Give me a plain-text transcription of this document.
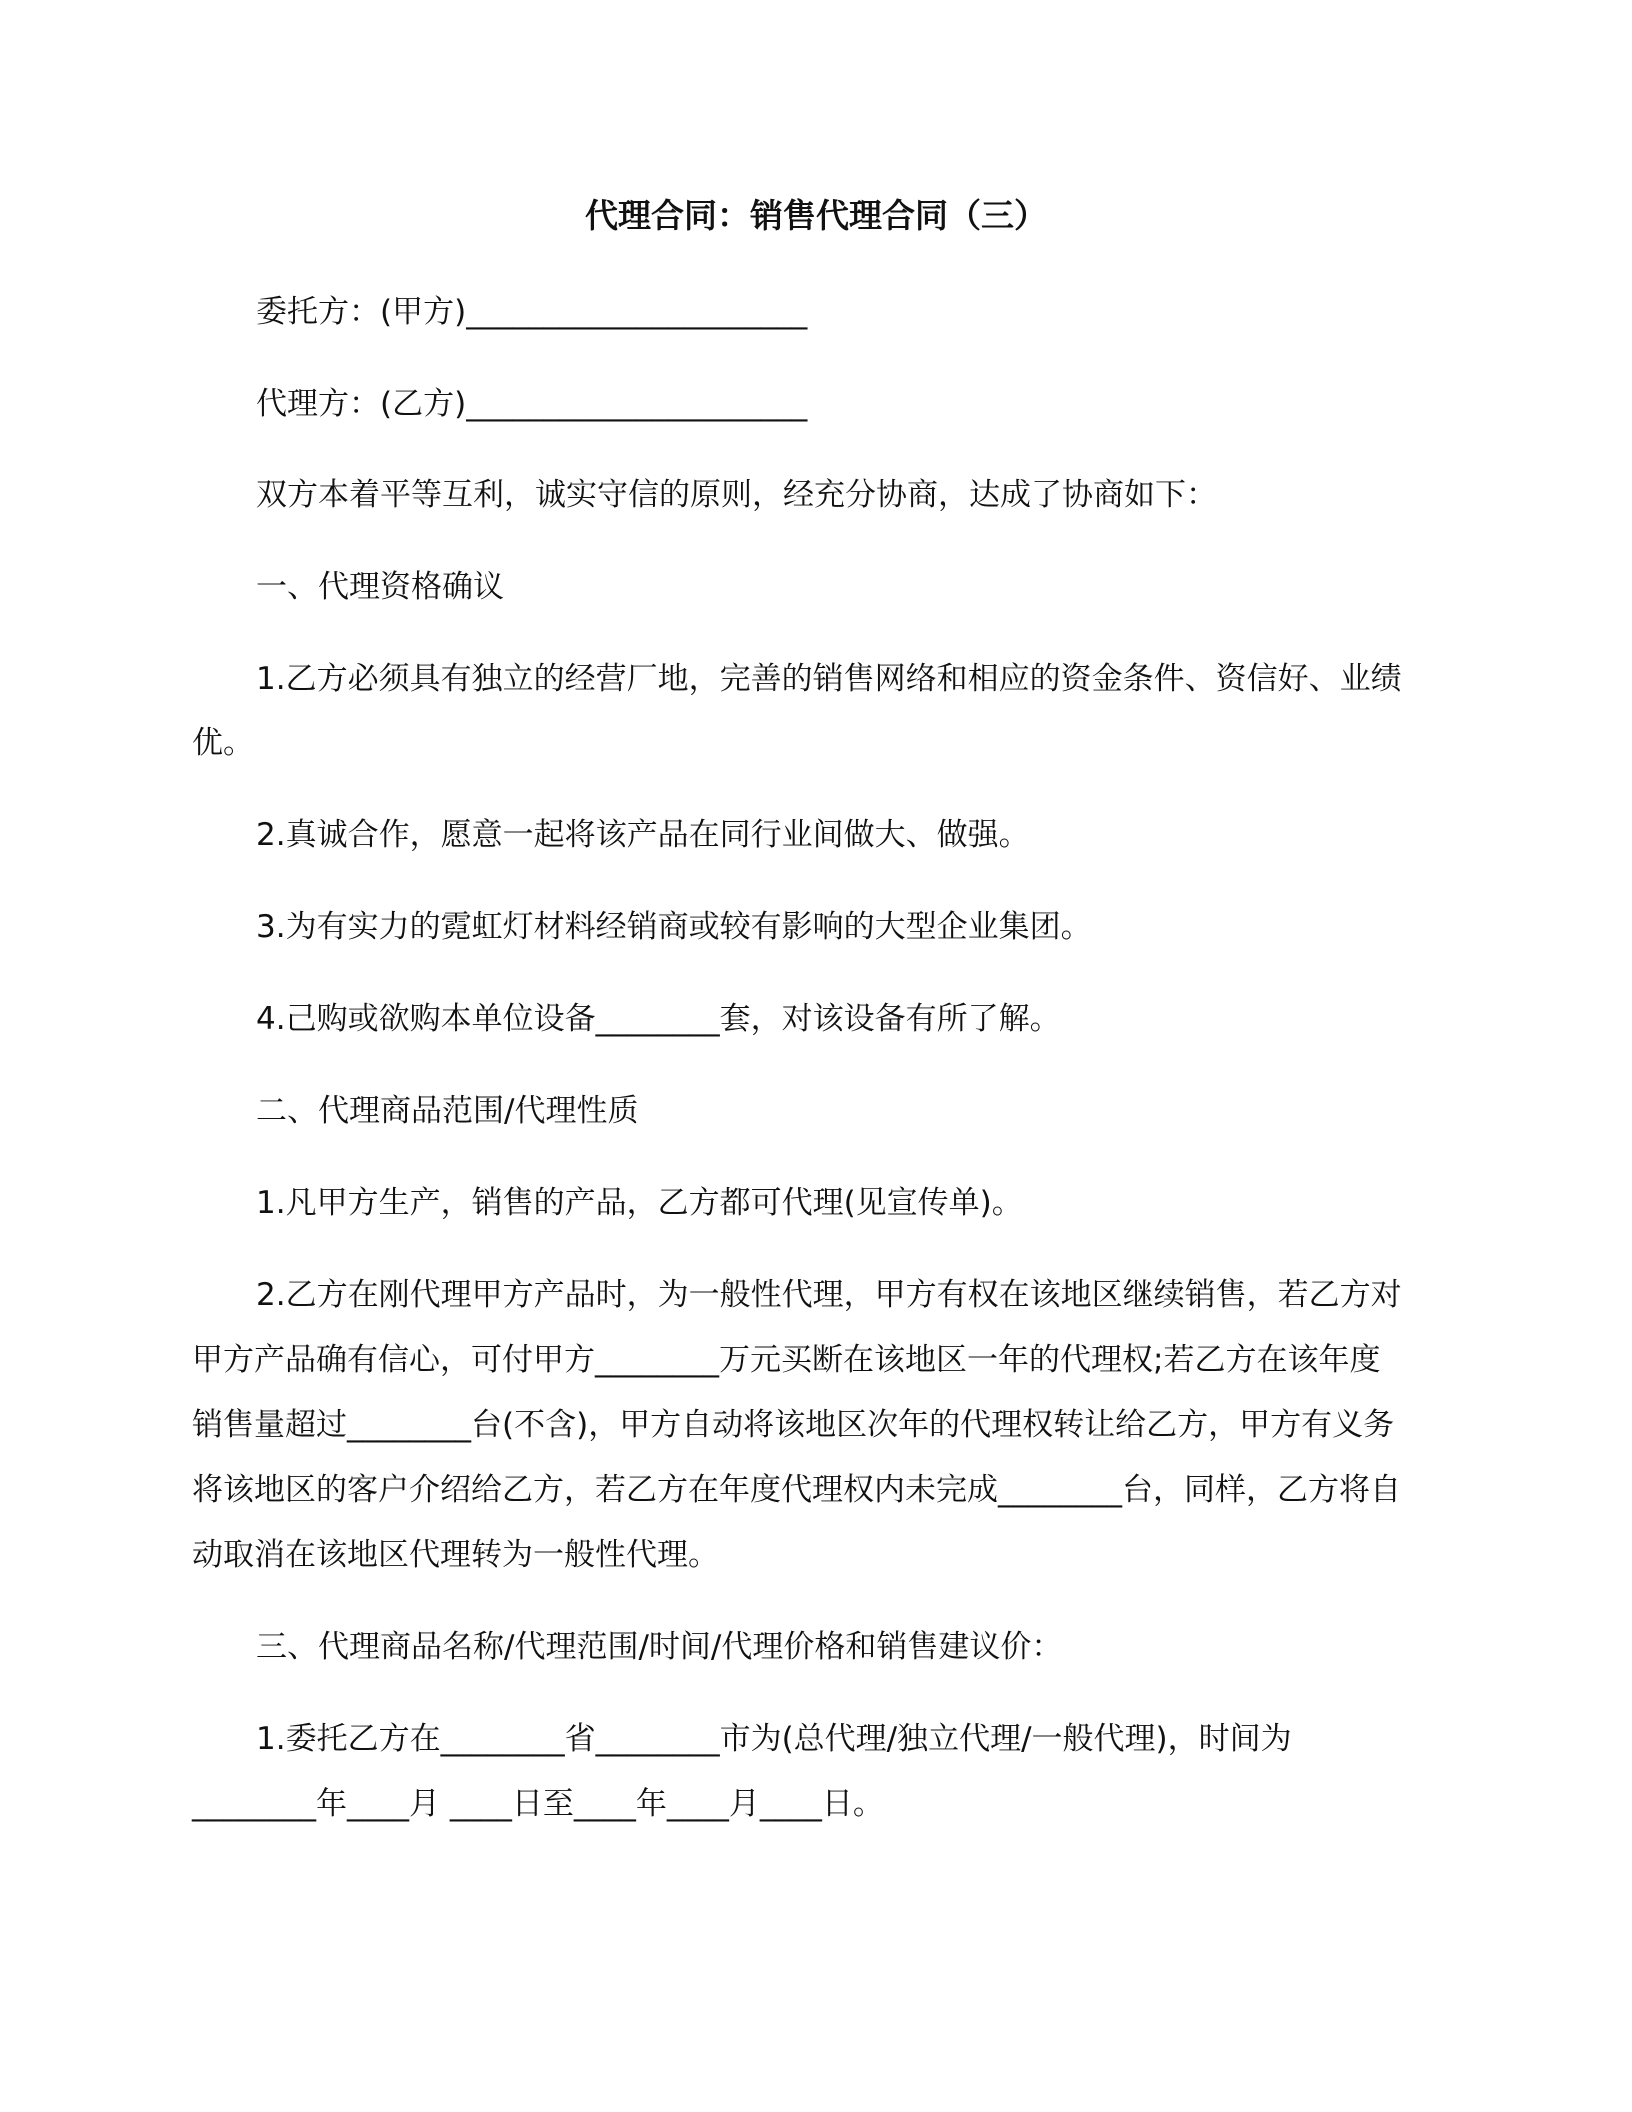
代理合同：销售代理合同（三）
委托方：(甲方)______________________
代理方：(乙方)______________________
双方本着平等互利，诚实守信的原则，经充分协商，达成了协商如下：
一、代理资格确议
1.乙方必须具有独立的经营厂地，完善的销售网络和相应的资金条件、资信好、业绩
优。
2.真诚合作，愿意一起将该产品在同行业间做大、做强。
3.为有实力的霓虹灯材料经销商或较有影响的大型企业集团。
4.己购或欲购本单位设备________套，对该设备有所了解。
二、代理商品范围/代理性质
1.凡甲方生产，销售的产品，乙方都可代理(见宣传单)。
2.乙方在刚代理甲方产品时，为一般性代理，甲方有权在该地区继续销售，若乙方对
甲方产品确有信心，可付甲方________万元买断在该地区一年的代理权;若乙方在该年度
销售量超过________台(不含)，甲方自动将该地区次年的代理权转让给乙方，甲方有义务
将该地区的客户介绍给乙方，若乙方在年度代理权内未完成________台，同样，乙方将自
动取消在该地区代理转为一般性代理。
三、代理商品名称/代理范围/时间/代理价格和销售建议价：
1.委托乙方在________省________市为(总代理/独立代理/一般代理)，时间为
________年____月 ____日至____年____月____日。
